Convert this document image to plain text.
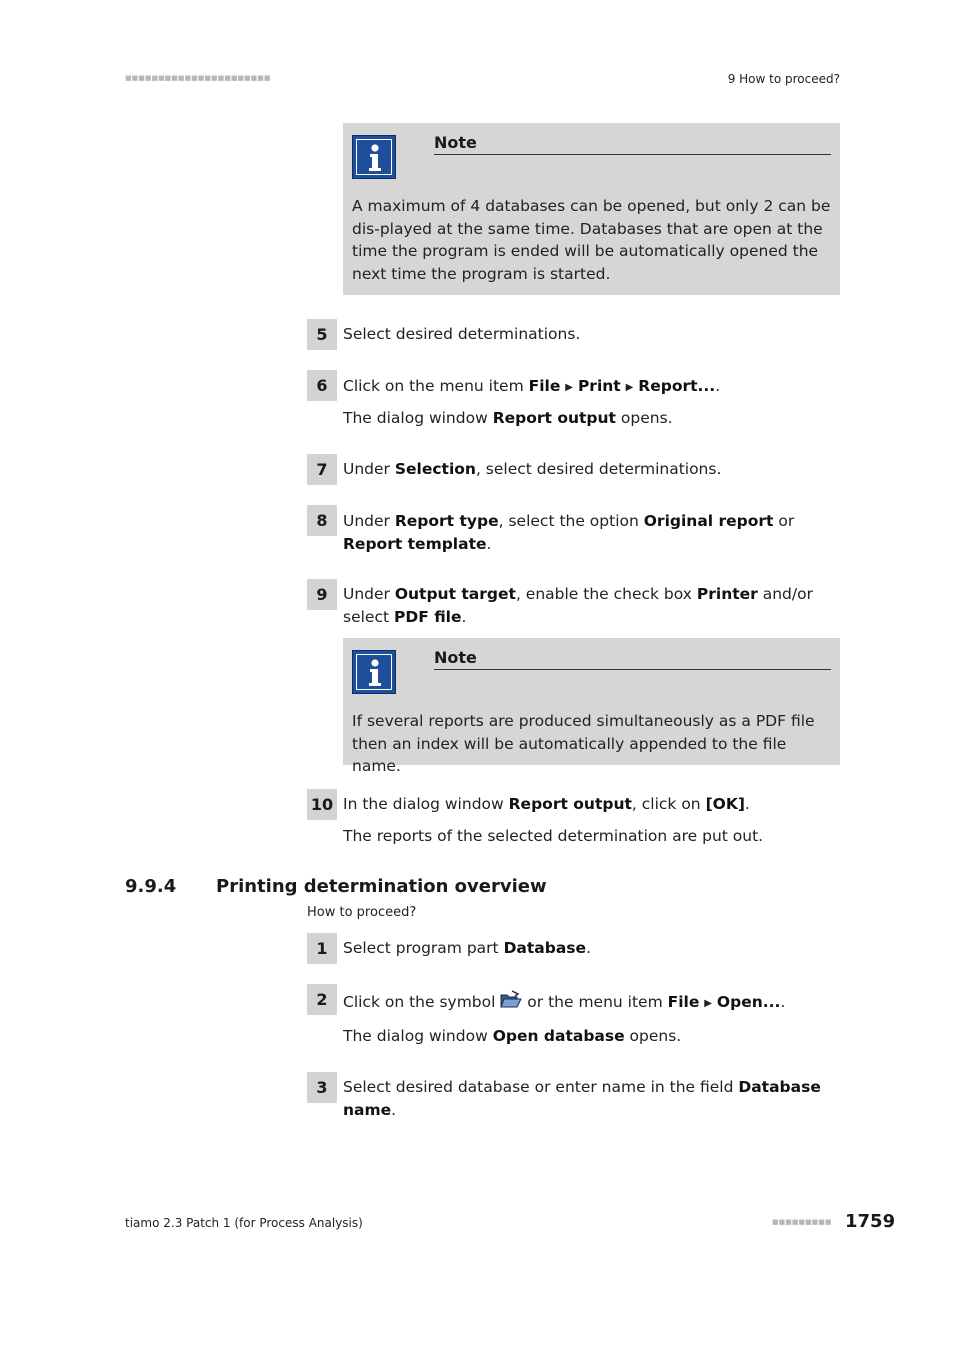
■■■■■■■■■■■■■■■■■■■■■■	9 How to proceed?
Note
A maximum of 4 databases can be opened, but only 2 can be dis-played at the same time. Databases that are open at the time the program is ended will be automatically opened the next time the program is started.
5 Select desired determinations.
6 Click on the menu item File ▶ Print ▶ Report....
The dialog window Report output opens.
7 Under Selection, select desired determinations.
8 Under Report type, select the option Original report or Report template.
9 Under Output target, enable the check box Printer and/or select PDF file.
Note
If several reports are produced simultaneously as a PDF file then an index will be automatically appended to the file name.
10 In the dialog window Report output, click on [OK].
The reports of the selected determination are put out.
9.9.4 Printing determination overview
How to proceed?
1 Select program part Database.
2 Click on the symbol  or the menu item File ▶ Open....
The dialog window Open database opens.
3 Select desired database or enter name in the field Database name.
tiamo 2.3 Patch 1 (for Process Analysis)	■■■■■■■■■ 1759
